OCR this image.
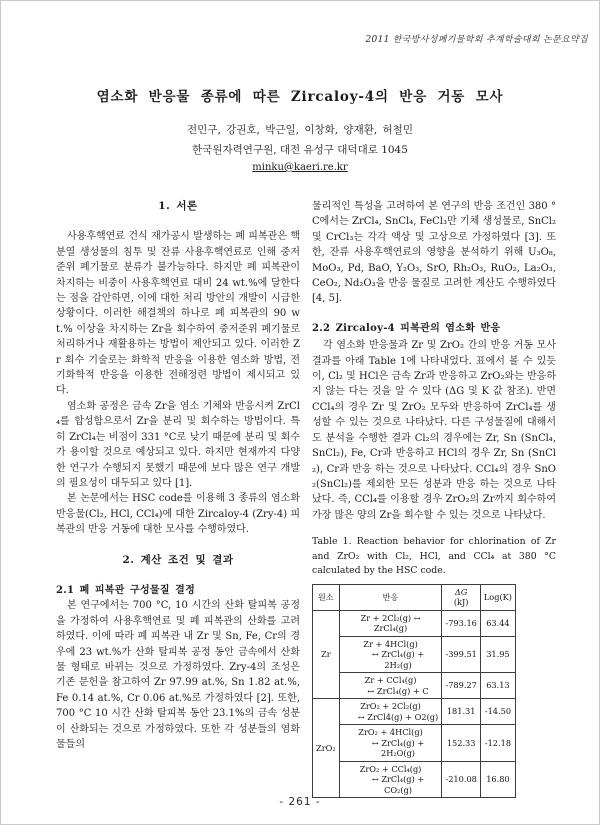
2011 한국방사성폐기물학회 추계학술대회 논문요약집
염소화 반응물 종류에 따른 Zircaloy-4의 반응 거동 모사
전민구, 강권호, 박근일, 이창화, 양재환, 허철민
한국원자력연구원, 대전 유성구 대덕대로 1045
minku@kaeri.re.kr
1. 서론

사용후핵연료 건식 재가공시 발생하는 폐 피복관은 핵분열 생성물의 침투 및 잔류 사용후핵연료로 인해 중저준위 폐기물로 분류가 불가능하다. 하지만 폐 피복관이 차지하는 비중이 사용후핵연료 대비 24 wt.%에 달한다는 점을 감안하면, 이에 대한 처리 방안의 개발이 시급한 상황이다. 이러한 해결책의 하나로 폐 피복관의 90 wt.% 이상을 차지하는 Zr을 회수하여 중저준위 폐기물로 처리하거나 재활용하는 방법이 제안되고 있다. 이러한 Zr 회수 기술로는 화학적 반응을 이용한 염소화 방법, 전기화학적 반응을 이용한 전해정련 방법이 제시되고 있다.

염소화 공정은 금속 Zr을 염소 기체와 반응시켜 ZrCl₄를 합성함으로서 Zr을 분리 및 회수하는 방법이다. 특히 ZrCl₄는 비점이 331 °C로 낮기 때문에 분리 및 회수가 용이할 것으로 예상되고 있다. 하지만 현재까지 다양한 연구가 수행되지 못했기 때문에 보다 많은 연구 개발의 필요성이 대두되고 있다 [1].

본 논문에서는 HSC code를 이용해 3 종류의 염소화 반응물(Cl₂, HCl, CCl₄)에 대한 Zircaloy-4 (Zry-4) 피복관의 반응 거동에 대한 모사를 수행하였다.

2. 계산 조건 및 결과
2.1 폐 피복관 구성물질 결정

본 연구에서는 700 °C, 10 시간의 산화 탈피복 공정을 가정하여 사용후핵연료 및 폐 피복관의 산화를 고려하였다. 이에 따라 폐 피복관 내 Zr 및 Sn, Fe, Cr의 경우에 23 wt.%가 산화 탈피복 공정 동안 금속에서 산화물 형태로 바뀌는 것으로 가정하였다. Zry-4의 조성은 기존 문헌을 참고하여 Zr 97.99 at.%, Sn 1.82 at.%, Fe 0.14 at.%, Cr 0.06 at.%로 가정하였다 [2]. 또한, 700 °C 10 시간 산화 탈피복 동안 23.1%의 금속 성분이 산화되는 것으로 가정하였다. 또한 각 성분들의 염화물들의

물리적인 특성을 고려하여 본 연구의 반응 조건인 380 °C에서는 ZrCl₄, SnCl₄, FeCl₃만 기체 생성물로, SnCl₂ 및 CrCl₃는 각각 액상 및 고상으로 가정하였다 [3]. 또한, 잔류 사용후핵연료의 영향을 분석하기 위해 U₃O₈, MoO₃, Pd, BaO, Y₂O₃, SrO, Rh₂O₃, RuO₂, La₂O₃, CeO₂, Nd₂O₃을 반응 물질로 고려한 계산도 수행하였다 [4, 5].

2.2 Zircaloy-4 피복관의 염소화 반응

각 염소화 반응물과 Zr 및 ZrO₂ 간의 반응 거동 모사 결과를 아래 Table 1에 나타내었다. 표에서 볼 수 있듯이, Cl₂ 및 HCl은 금속 Zr과 반응하고 ZrO₂와는 반응하지 않는 다는 것을 알 수 있다 (ΔG 및 K 값 참조). 반면 CCl₄의 경우 Zr 및 ZrO₂ 모두와 반응하여 ZrCl₄를 생성할 수 있는 것으로 나타났다. 다른 구성물질에 대해서도 분석을 수행한 결과 Cl₂의 경우에는 Zr, Sn (SnCl₄, SnCl₂), Fe, Cr과 반응하고 HCl의 경우 Zr, Sn (SnCl₂), Cr과 반응 하는 것으로 나타났다. CCl₄의 경우 SnO₂(SnCl₂)를 제외한 모든 성분과 반응 하는 것으로 나타났다. 즉, CCl₄를 이용할 경우 ZrO₂의 Zr까지 회수하여 가장 많은 양의 Zr을 회수할 수 있는 것으로 나타났다.

Table 1. Reaction behavior for chlorination of Zr and ZrO₂ with Cl₂, HCl, and CCl₄ at 380 °C calculated by the HSC code.
원소	반응	ΔG
(kJ)	Log(K)
Zr	Zr + 2Cl₂(g) ↔ ZrCl₄(g)	-793.16	63.44
	Zr + 4HCl(g)
↔ ZrCl₄(g) + 2H₂(g)	-399.51	31.95
	Zr + CCl₄(g)
↔ ZrCl₄(g) + C	-789.27	63.13
ZrO₂	ZrO₂ + 2Cl₂(g)
↔ ZrCl4(g) + O2(g)	181.31	-14.50
	ZrO₂ + 4HCl(g)
↔ ZrCl₄(g) + 2H₂O(g)	152.33	-12.18
	ZrO₂ + CCl₄(g)
↔ ZrCl₄(g) + CO₂(g)	-210.08	16.80
- 261 -
